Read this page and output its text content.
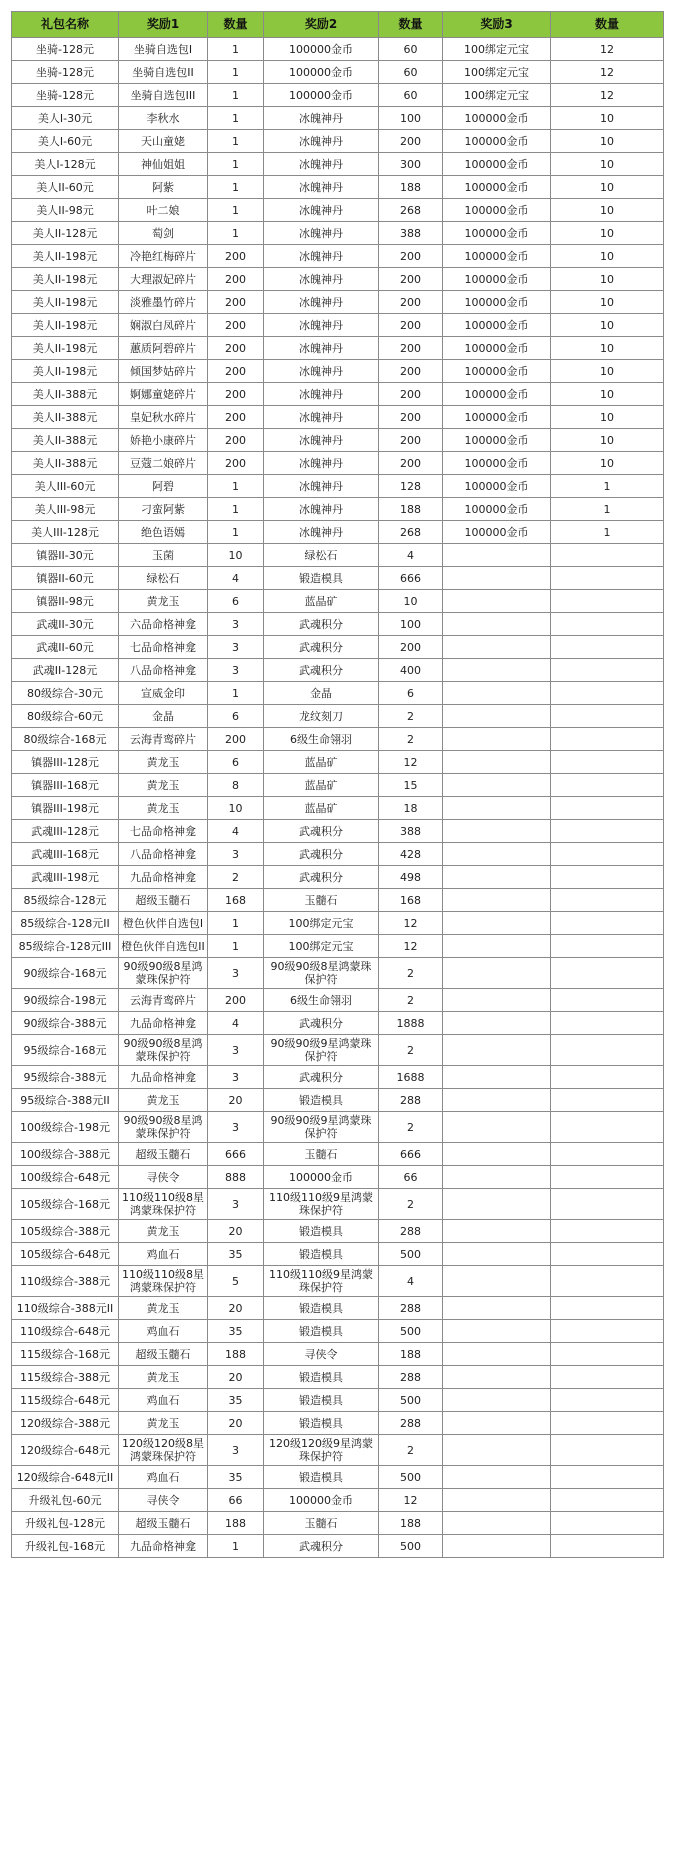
礼包名称	奖励1	数量	奖励2	数量	奖励3	数量
坐骑-128元	坐骑自选包I	1	100000金币	60	100绑定元宝	12
坐骑-128元	坐骑自选包II	1	100000金币	60	100绑定元宝	12
坐骑-128元	坐骑自选包III	1	100000金币	60	100绑定元宝	12
美人I-30元	李秋水	1	冰魄神丹	100	100000金币	10
美人I-60元	天山童姥	1	冰魄神丹	200	100000金币	10
美人I-128元	神仙姐姐	1	冰魄神丹	300	100000金币	10
美人II-60元	阿紫	1	冰魄神丹	188	100000金币	10
美人II-98元	叶二娘	1	冰魄神丹	268	100000金币	10
美人II-128元	萄剑	1	冰魄神丹	388	100000金币	10
美人II-198元	冷艳红梅碎片	200	冰魄神丹	200	100000金币	10
美人II-198元	大理淑妃碎片	200	冰魄神丹	200	100000金币	10
美人II-198元	淡雅墨竹碎片	200	冰魄神丹	200	100000金币	10
美人II-198元	娴淑白凤碎片	200	冰魄神丹	200	100000金币	10
美人II-198元	蕙质阿碧碎片	200	冰魄神丹	200	100000金币	10
美人II-198元	倾国梦姑碎片	200	冰魄神丹	200	100000金币	10
美人II-388元	婀娜童姥碎片	200	冰魄神丹	200	100000金币	10
美人II-388元	皇妃秋水碎片	200	冰魄神丹	200	100000金币	10
美人II-388元	娇艳小康碎片	200	冰魄神丹	200	100000金币	10
美人II-388元	豆蔻二娘碎片	200	冰魄神丹	200	100000金币	10
美人III-60元	阿碧	1	冰魄神丹	128	100000金币	1
美人III-98元	刁蛮阿紫	1	冰魄神丹	188	100000金币	1
美人III-128元	绝色语嫣	1	冰魄神丹	268	100000金币	1
镇器II-30元	玉菌	10	绿松石	4		
镇器II-60元	绿松石	4	锻造模具	666		
镇器II-98元	黄龙玉	6	蓝晶矿	10		
武魂II-30元	六品命格神龛	3	武魂积分	100		
武魂II-60元	七品命格神龛	3	武魂积分	200		
武魂II-128元	八品命格神龛	3	武魂积分	400		
80级综合-30元	宣威金印	1	金晶	6		
80级综合-60元	金晶	6	龙纹刻刀	2		
80级综合-168元	云海青鸾碎片	200	6级生命翎羽	2		
镇器III-128元	黄龙玉	6	蓝晶矿	12		
镇器III-168元	黄龙玉	8	蓝晶矿	15		
镇器III-198元	黄龙玉	10	蓝晶矿	18		
武魂III-128元	七品命格神龛	4	武魂积分	388		
武魂III-168元	八品命格神龛	3	武魂积分	428		
武魂III-198元	九品命格神龛	2	武魂积分	498		
85级综合-128元	超级玉髓石	168	玉髓石	168		
85级综合-128元II	橙色伙伴自选包I	1	100绑定元宝	12		
85级综合-128元III	橙色伙伴自选包II	1	100绑定元宝	12		
90级综合-168元	90级90级8星鸿蒙珠保护符	3	90级90级8星鸿蒙珠保护符	2		
90级综合-198元	云海青鸾碎片	200	6级生命翎羽	2		
90级综合-388元	九品命格神龛	4	武魂积分	1888		
95级综合-168元	90级90级8星鸿蒙珠保护符	3	90级90级9星鸿蒙珠保护符	2		
95级综合-388元	九品命格神龛	3	武魂积分	1688		
95级综合-388元II	黄龙玉	20	锻造模具	288		
100级综合-198元	90级90级8星鸿蒙珠保护符	3	90级90级9星鸿蒙珠保护符	2		
100级综合-388元	超级玉髓石	666	玉髓石	666		
100级综合-648元	寻侠令	888	100000金币	66		
105级综合-168元	110级110级8星鸿蒙珠保护符	3	110级110级9星鸿蒙珠保护符	2		
105级综合-388元	黄龙玉	20	锻造模具	288		
105级综合-648元	鸡血石	35	锻造模具	500		
110级综合-388元	110级110级8星鸿蒙珠保护符	5	110级110级9星鸿蒙珠保护符	4		
110级综合-388元II	黄龙玉	20	锻造模具	288		
110级综合-648元	鸡血石	35	锻造模具	500		
115级综合-168元	超级玉髓石	188	寻侠令	188		
115级综合-388元	黄龙玉	20	锻造模具	288		
115级综合-648元	鸡血石	35	锻造模具	500		
120级综合-388元	黄龙玉	20	锻造模具	288		
120级综合-648元	120级120级8星鸿蒙珠保护符	3	120级120级9星鸿蒙珠保护符	2		
120级综合-648元II	鸡血石	35	锻造模具	500		
升级礼包-60元	寻侠令	66	100000金币	12		
升级礼包-128元	超级玉髓石	188	玉髓石	188		
升级礼包-168元	九品命格神龛	1	武魂积分	500		
